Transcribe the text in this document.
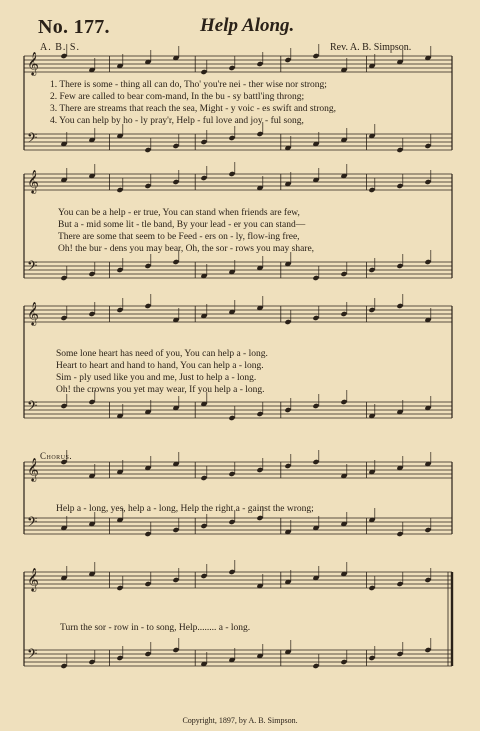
No. 177.	Help Along.
A. B. S.	Rev. A. B. Simpson.
𝄞
𝄢
𝄞
𝄢
𝄞
𝄢
𝄞
𝄢
𝄞
𝄢
1. There is some - thing all can do, Tho' you're nei - ther wise nor strong;
2. Few are called to bear com-mand, In the bu - sy battl'ing throng;
3. There are streams that reach the sea, Might - y voic - es swift and strong,
4. You can help by ho - ly pray'r, Help - ful love and joy - ful song,
You can be a help - er true, You can stand when friends are few,
But a - mid some lit - tle band, By your lead - er you can stand—
There are some that seem to be Feed - ers on - ly, flow-ing free,
Oh! the bur - dens you may bear, Oh, the sor - rows you may share,
Some lone heart has need of you, You can help a - long.
Heart to heart and hand to hand, You can help a - long.
Sim - ply used like you and me, Just to help a - long.
Oh! the crowns you yet may wear, If you help a - long.
Chorus.
Help a - long, yes, help a - long, Help the right a - gainst the wrong;
Turn the sor - row in - to song, Help........ a - long.
Copyright, 1897, by A. B. Simpson.
